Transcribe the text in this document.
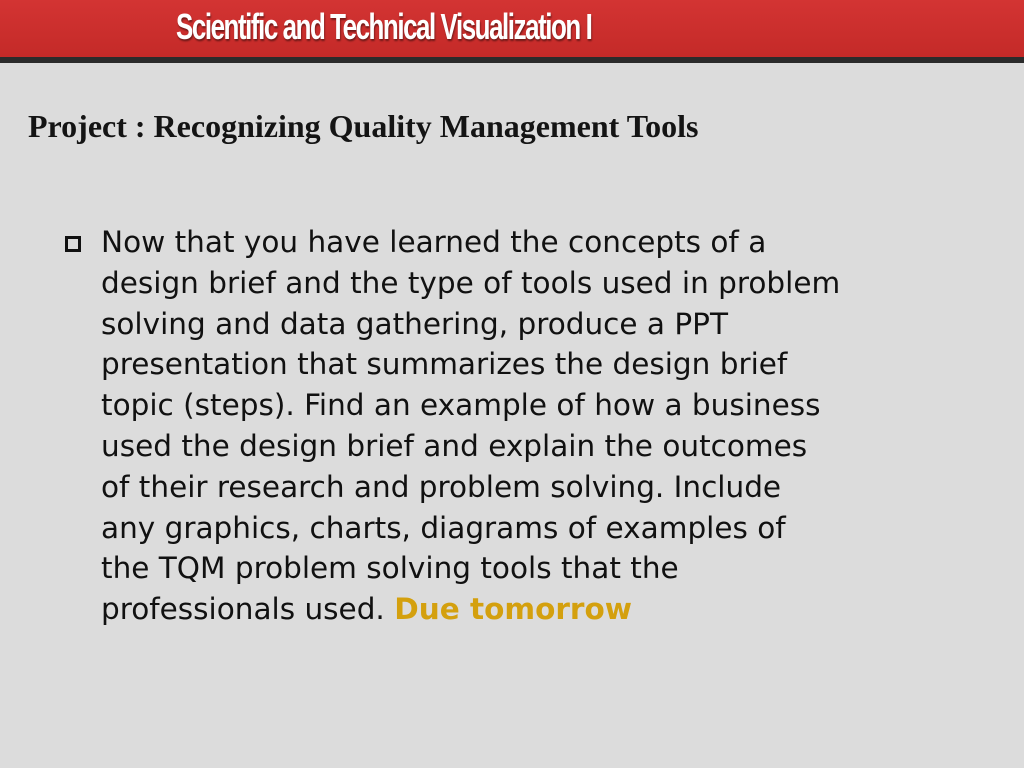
Scientific and Technical Visualization I
Project : Recognizing Quality Management Tools

Now that you have learned the concepts of a
design brief and the type of tools used in problem
solving and data gathering, produce a PPT
presentation that summarizes the design brief
topic (steps). Find an example of how a business
used the design brief and explain the outcomes
of their research and problem solving. Include
any graphics, charts, diagrams of examples of
the TQM problem solving tools that the
professionals used. Due tomorrow
